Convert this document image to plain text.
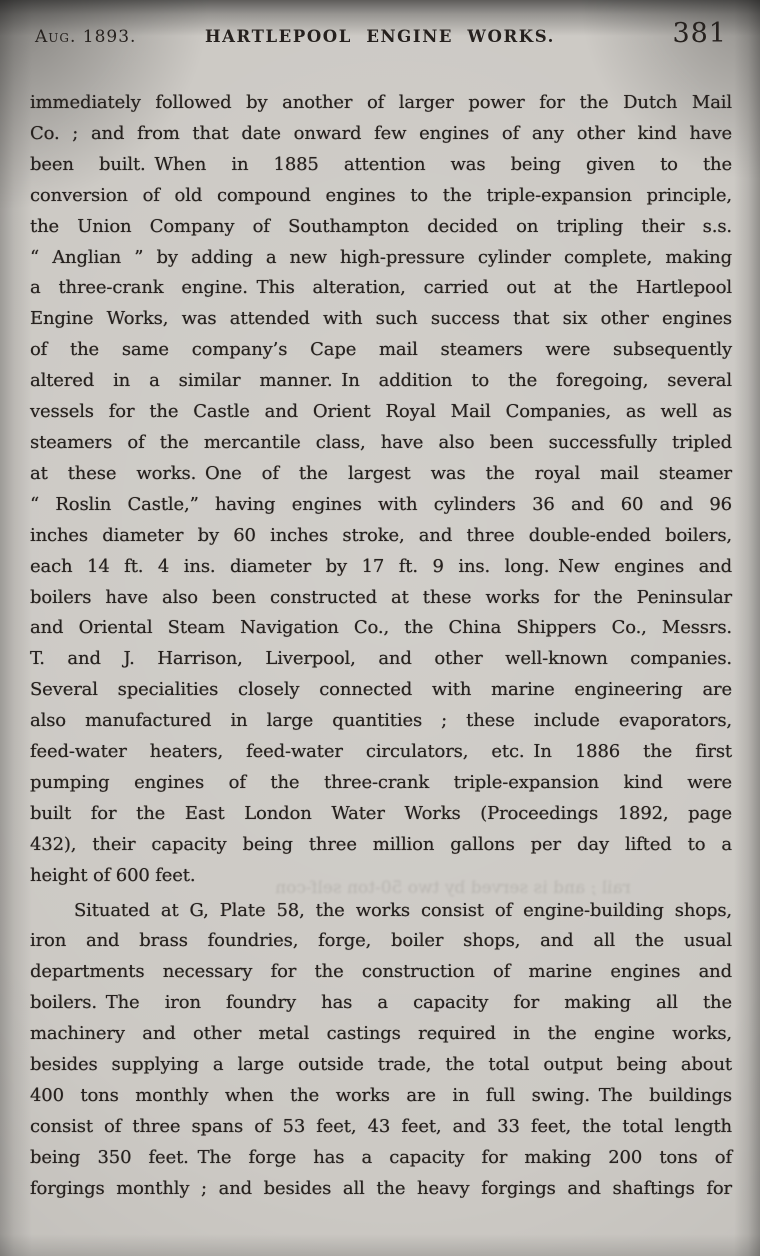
Aug. 1893.	HARTLEPOOL ENGINE WORKS.	381
immediately followed by another of larger power for the Dutch Mail
Co. ; and from that date onward few engines of any other kind have
been built. When in 1885 attention was being given to the
conversion of old compound engines to the triple-expansion principle,
the Union Company of Southampton decided on tripling their s.s.
“ Anglian ” by adding a new high-pressure cylinder complete, making
a three-crank engine. This alteration, carried out at the Hartlepool
Engine Works, was attended with such success that six other engines
of the same company’s Cape mail steamers were subsequently
altered in a similar manner. In addition to the foregoing, several
vessels for the Castle and Orient Royal Mail Companies, as well as
steamers of the mercantile class, have also been successfully tripled
at these works. One of the largest was the royal mail steamer
“ Roslin Castle,” having engines with cylinders 36 and 60 and 96
inches diameter by 60 inches stroke, and three double-ended boilers,
each 14 ft. 4 ins. diameter by 17 ft. 9 ins. long. New engines and
boilers have also been constructed at these works for the Peninsular
and Oriental Steam Navigation Co., the China Shippers Co., Messrs.
T. and J. Harrison, Liverpool, and other well-known companies.
Several specialities closely connected with marine engineering are
also manufactured in large quantities ; these include evaporators,
feed-water heaters, feed-water circulators, etc. In 1886 the first
pumping engines of the three-crank triple-expansion kind were
built for the East London Water Works (Proceedings 1892, page
432), their capacity being three million gallons per day lifted to a
height of 600 feet.
Situated at G, Plate 58, the works consist of engine-building shops,
iron and brass foundries, forge, boiler shops, and all the usual
departments necessary for the construction of marine engines and
boilers. The iron foundry has a capacity for making all the
machinery and other metal castings required in the engine works,
besides supplying a large outside trade, the total output being about
400 tons monthly when the works are in full swing. The buildings
consist of three spans of 53 feet, 43 feet, and 33 feet, the total length
being 350 feet. The forge has a capacity for making 200 tons of
forgings monthly ; and besides all the heavy forgings and shaftings for
rail ; and is served by two 50-ton self-con
